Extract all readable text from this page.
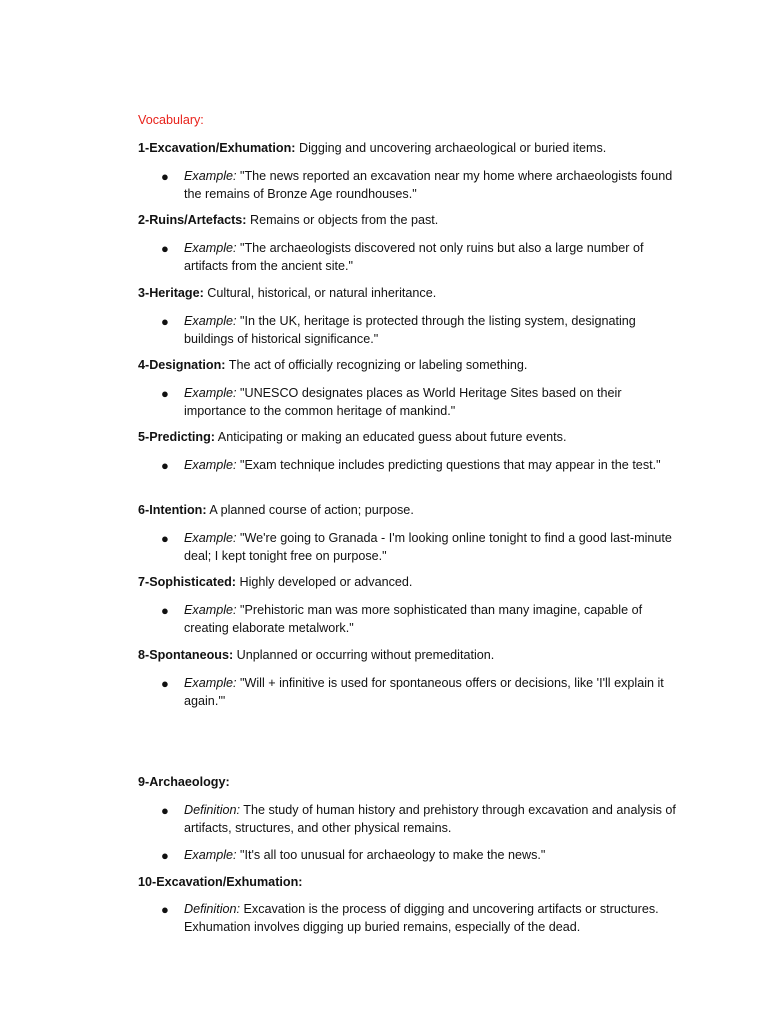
Vocabulary:
1-Excavation/Exhumation: Digging and uncovering archaeological or buried items.
● Example: "The news reported an excavation near my home where archaeologists found the remains of Bronze Age roundhouses."
2-Ruins/Artefacts: Remains or objects from the past.
● Example: "The archaeologists discovered not only ruins but also a large number of artifacts from the ancient site."
3-Heritage: Cultural, historical, or natural inheritance.
● Example: "In the UK, heritage is protected through the listing system, designating buildings of historical significance."
4-Designation: The act of officially recognizing or labeling something.
● Example: "UNESCO designates places as World Heritage Sites based on their importance to the common heritage of mankind."
5-Predicting: Anticipating or making an educated guess about future events.
● Example: "Exam technique includes predicting questions that may appear in the test."
6-Intention: A planned course of action; purpose.
● Example: "We're going to Granada - I'm looking online tonight to find a good last-minute deal; I kept tonight free on purpose."
7-Sophisticated: Highly developed or advanced.
● Example: "Prehistoric man was more sophisticated than many imagine, capable of creating elaborate metalwork."
8-Spontaneous: Unplanned or occurring without premeditation.
● Example: "Will + infinitive is used for spontaneous offers or decisions, like 'I'll explain it again.'"
9-Archaeology:
● Definition: The study of human history and prehistory through excavation and analysis of artifacts, structures, and other physical remains.
● Example: "It's all too unusual for archaeology to make the news."
10-Excavation/Exhumation:
● Definition: Excavation is the process of digging and uncovering artifacts or structures. Exhumation involves digging up buried remains, especially of the dead.
